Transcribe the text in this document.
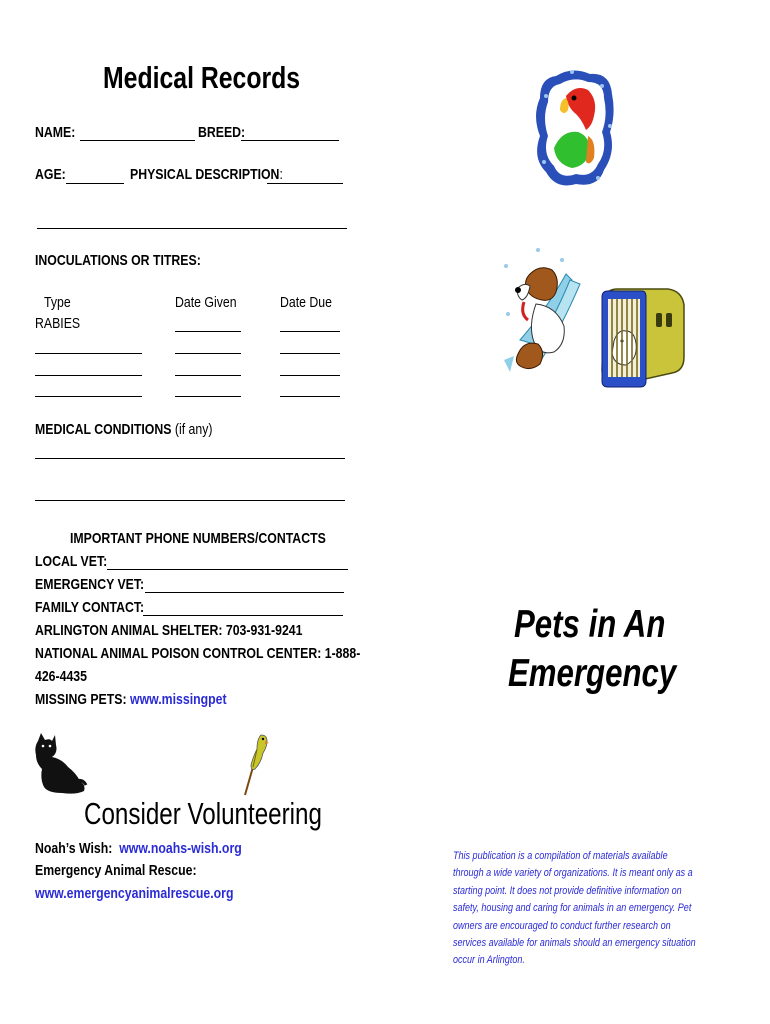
Medical Records
NAME:	BREED:
AGE:	PHYSICAL DESCRIPTION:
INOCULATIONS OR TITRES:
Type	Date Given	Date Due
RABIES
MEDICAL CONDITIONS (if any)
IMPORTANT PHONE NUMBERS/CONTACTS
LOCAL VET:
EMERGENCY VET:
FAMILY CONTACT:
ARLINGTON ANIMAL SHELTER: 703-931-9241
NATIONAL ANIMAL POISON CONTROL CENTER: 1-888-
426-4435
MISSING PETS: www.missingpet
Consider Volunteering
Noah’s Wish: www.noahs-wish.org
Emergency Animal Rescue:
www.emergencyanimalrescue.org
Pets in An
Emergency
This publication is a compilation of materials available through a wide variety of organizations. It is meant only as a starting point. It does not provide definitive information on safety, housing and caring for animals in an emergency. Pet owners are encouraged to conduct further research on services available for animals should an emergency situation occur in Arlington.
